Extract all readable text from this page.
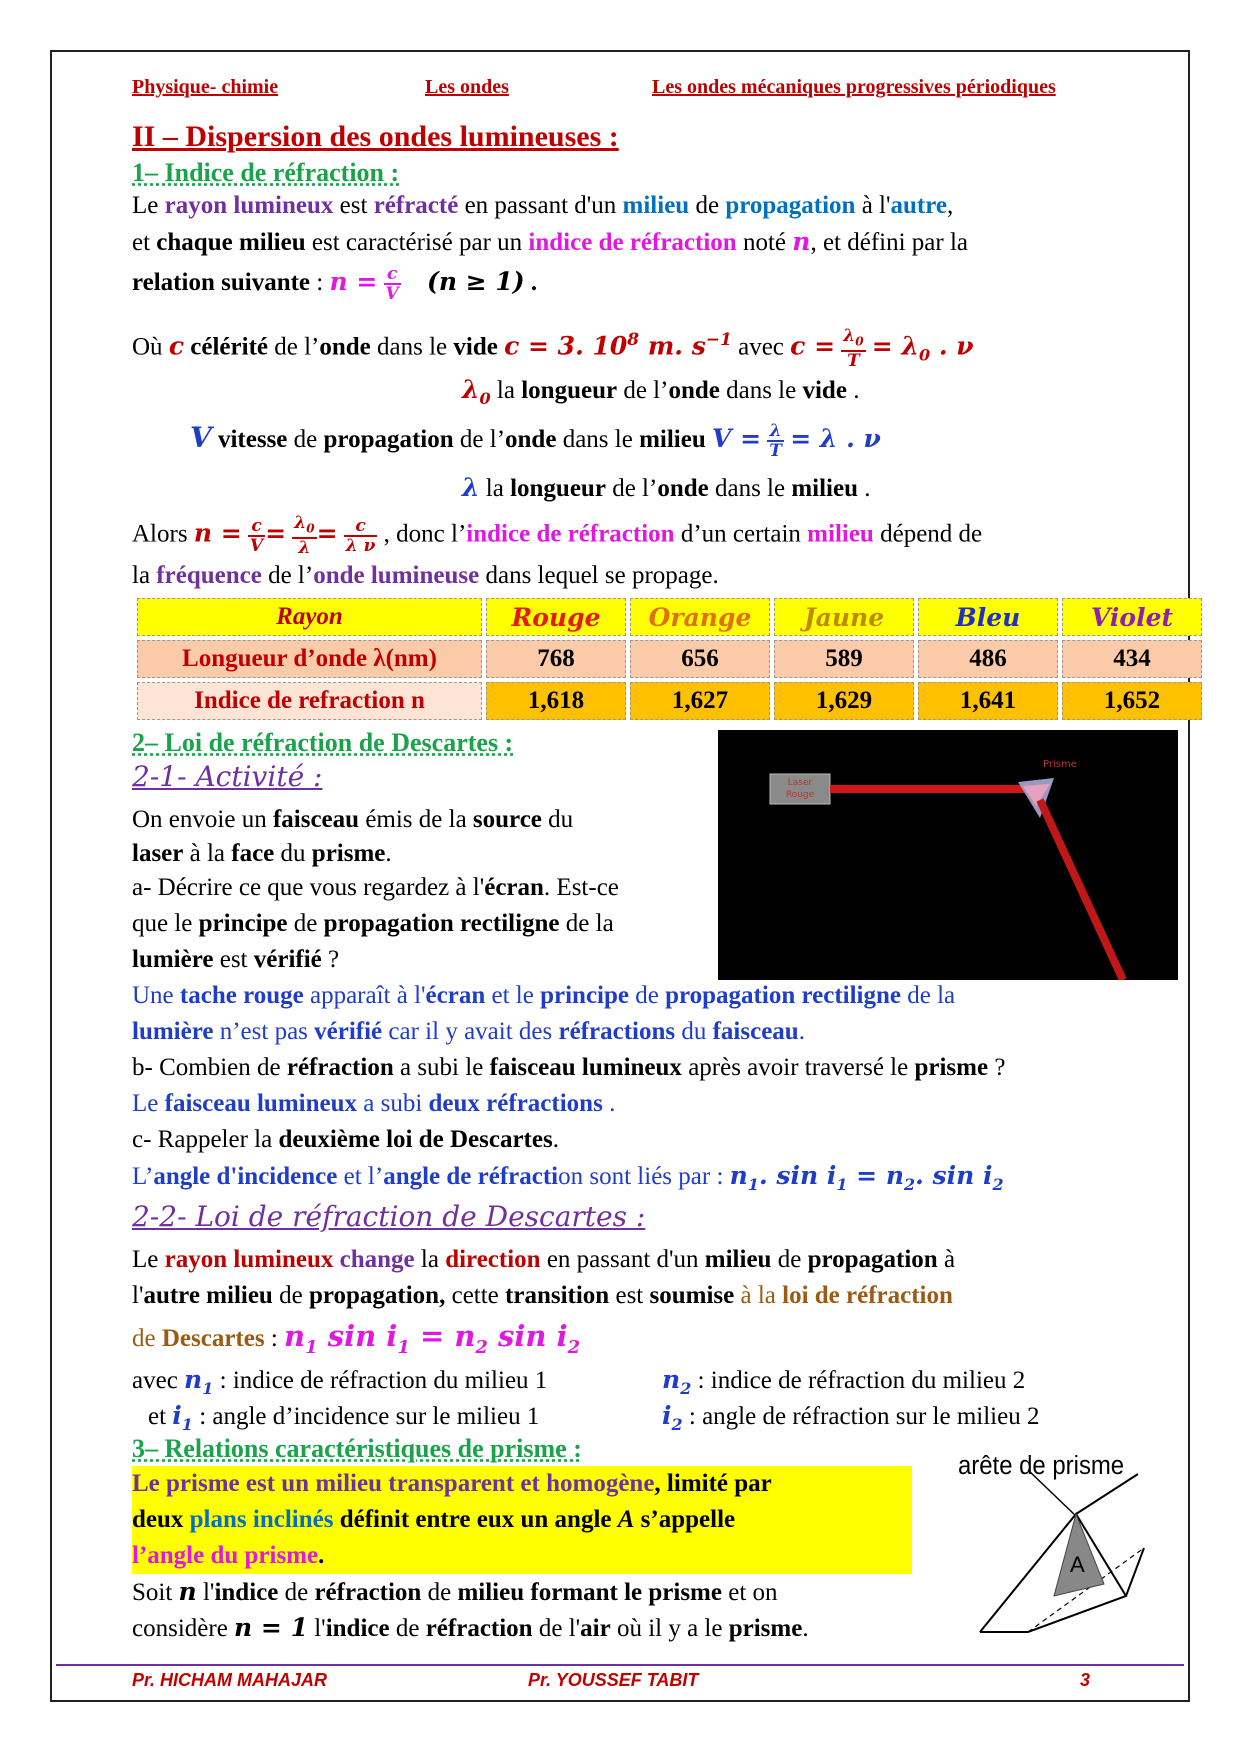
Physique- chimie	Les ondes	Les ondes mécaniques progressives périodiques
II – Dispersion des ondes lumineuses :
1– Indice de réfraction :
Le rayon lumineux est réfracté en passant d'un milieu de propagation à l'autre,
et chaque milieu est caractérisé par un indice de réfraction noté n, et défini par la
relation suivante : $n = \frac{c}{V} (n \ge 1)$ .
Où c célérité de l’onde dans le vide c = 3. $10^8$ m. $s^{-1}$ avec $c = \frac{\lambda_0}{T} = \lambda_0$ . ν
$\lambda_0$ la longueur de l’onde dans le vide .
V vitesse de propagation de l’onde dans le milieu $V = \frac{\lambda}{T} = \lambda$ . ν
λ la longueur de l’onde dans le milieu .
Alors $n = \frac{c}{V} = \frac{\lambda_0}{\lambda} = \frac{c}{\text{λ ν}}$ , donc l’indice de réfraction d’un certain milieu dépend de
la fréquence de l’onde lumineuse dans lequel se propage.
Rayon	Rouge	Orange	Jaune	Bleu	Violet
Longueur d’onde λ(nm)	768	656	589	486	434
Indice de refraction n	1,618	1,627	1,629	1,641	1,652
2– Loi de réfraction de Descartes :
2-1- Activité :	Laser
Rouge
Prisme
On envoie un faisceau émis de la source du
laser à la face du prisme.
a- Décrire ce que vous regardez à l'écran. Est-ce
que le principe de propagation rectiligne de la
lumière est vérifié ?
Une tache rouge apparaît à l'écran et le principe de propagation rectiligne de la
lumière n’est pas vérifié car il y avait des réfractions du faisceau.
b- Combien de réfraction a subi le faisceau lumineux après avoir traversé le prisme ?
Le faisceau lumineux a subi deux réfractions .
c- Rappeler la deuxième loi de Descartes.
L’angle d'incidence et l’angle de réfraction sont liés par : $n_1$. $\sin i_1 = n_2$. $\sin i_2$
2-2- Loi de réfraction de Descartes :
Le rayon lumineux change la direction en passant d'un milieu de propagation à
l'autre milieu de propagation, cette transition est soumise à la loi de réfraction
de Descartes : $n_1$ $\sin i_1 = n_2$ $\sin i_2$
avec $n_1$ : indice de réfraction du milieu 1	$n_2$ : indice de réfraction du milieu 2
et $i_1$ : angle d’incidence sur le milieu 1	$i_2$ : angle de réfraction sur le milieu 2
3– Relations caractéristiques de prisme :
Le prisme est un milieu transparent et homogène, limité par
deux plans inclinés définit entre eux un angle A s’appelle
l’angle du prisme.
Soit n l'indice de réfraction de milieu formant le prisme et on
considère n = 1 l'indice de réfraction de l'air où il y a le prisme.
arête de prisme
A
Pr. HICHAM MAHAJAR	Pr. YOUSSEF TABIT	3
